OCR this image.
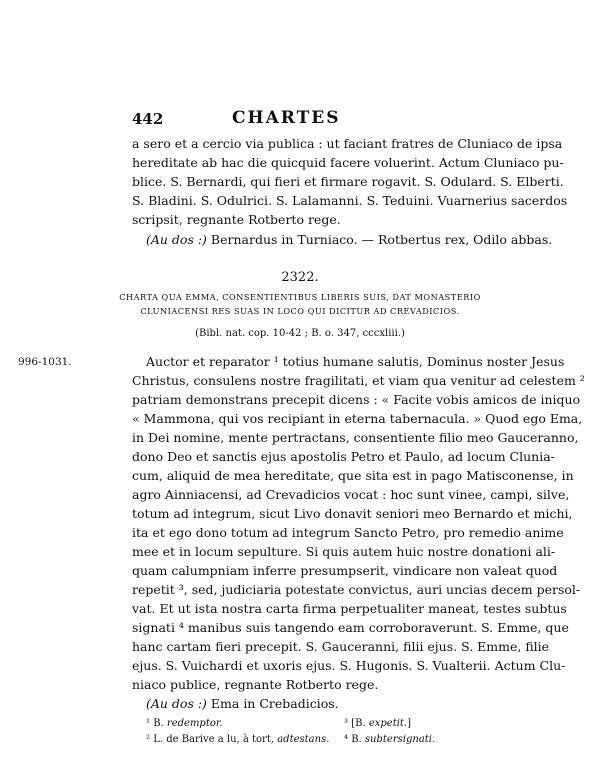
442	CHARTES
a sero et a cercio via publica : ut faciant fratres de Cluniaco de ipsa
hereditate ab hac die quicquid facere voluerint. Actum Cluniaco pu-
blice. S. Bernardi, qui fieri et firmare rogavit. S. Odulard. S. Elberti.
S. Bladini. S. Odulrici. S. Lalamanni. S. Teduini. Vuarnerius sacerdos
scripsit, regnante Rotberto rege.
(Au dos :) Bernardus in Turniaco. — Rotbertus rex, Odilo abbas.
2322.
CHARTA QUA EMMA, CONSENTIENTIBUS LIBERIS SUIS, DAT MONASTERIO
CLUNIACENSI RES SUAS IN LOCO QUI DICITUR AD CREVADICIOS.
(Bibl. nat. cop. 10-42 ; B. o. 347, cccxliii.)
996-1031.	Auctor et reparator ¹ totius humane salutis, Dominus noster Jesus
Christus, consulens nostre fragilitati, et viam qua venitur ad celestem ²
patriam demonstrans precepit dicens : « Facite vobis amicos de iniquo
« Mammona, qui vos recipiant in eterna tabernacula. » Quod ego Ema,
in Dei nomine, mente pertractans, consentiente filio meo Gauceranno,
dono Deo et sanctis ejus apostolis Petro et Paulo, ad locum Clunia-
cum, aliquid de mea hereditate, que sita est in pago Matisconense, in
agro Ainniacensi, ad Crevadicios vocat : hoc sunt vinee, campi, silve,
totum ad integrum, sicut Livo donavit seniori meo Bernardo et michi,
ita et ego dono totum ad integrum Sancto Petro, pro remedio anime
mee et in locum sepulture. Si quis autem huic nostre donationi ali-
quam calumpniam inferre presumpserit, vindicare non valeat quod
repetit ³, sed, judiciaria potestate convictus, auri uncias decem persol-
vat. Et ut ista nostra carta firma perpetualiter maneat, testes subtus
signati ⁴ manibus suis tangendo eam corroboraverunt. S. Emme, que
hanc cartam fieri precepit. S. Gauceranni, filii ejus. S. Emme, filie
ejus. S. Vuichardi et uxoris ejus. S. Hugonis. S. Vualterii. Actum Clu-
niaco publice, regnante Rotberto rege.
(Au dos :) Ema in Crebadicios.
¹ B. redemptor.	³ [B. expetit.]
² L. de Barive a lu, à tort, adtestans. ⁴ B. subtersignati.
